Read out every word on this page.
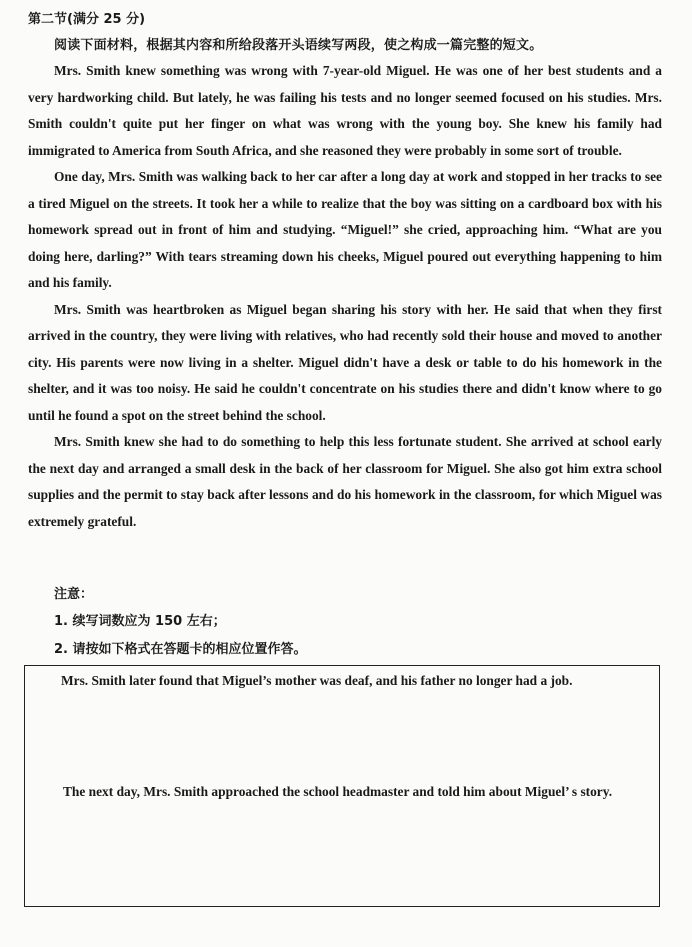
第二节(满分 25 分)
阅读下面材料，根据其内容和所给段落开头语续写两段，使之构成一篇完整的短文。

Mrs. Smith knew something was wrong with 7-year-old Miguel. He was one of her best students and a very hardworking child. But lately, he was failing his tests and no longer seemed focused on his studies. Mrs. Smith couldn't quite put her finger on what was wrong with the young boy. She knew his family had immigrated to America from South Africa, and she reasoned they were probably in some sort of trouble.

One day, Mrs. Smith was walking back to her car after a long day at work and stopped in her tracks to see a tired Miguel on the streets. It took her a while to realize that the boy was sitting on a cardboard box with his homework spread out in front of him and studying. “Miguel!” she cried, approaching him. “What are you doing here, darling?” With tears streaming down his cheeks, Miguel poured out everything happening to him and his family.

Mrs. Smith was heartbroken as Miguel began sharing his story with her. He said that when they first arrived in the country, they were living with relatives, who had recently sold their house and moved to another city. His parents were now living in a shelter. Miguel didn't have a desk or table to do his homework in the shelter, and it was too noisy. He said he couldn't concentrate on his studies there and didn't know where to go until he found a spot on the street behind the school.

Mrs. Smith knew she had to do something to help this less fortunate student. She arrived at school early the next day and arranged a small desk in the back of her classroom for Miguel. She also got him extra school supplies and the permit to stay back after lessons and do his homework in the classroom, for which Miguel was extremely grateful.

注意：
1. 续写词数应为 150 左右；
2. 请按如下格式在答题卡的相应位置作答。
Mrs. Smith later found that Miguel’s mother was deaf, and his father no longer had a job.
The next day, Mrs. Smith approached the school headmaster and told him about Miguel’ s story.
